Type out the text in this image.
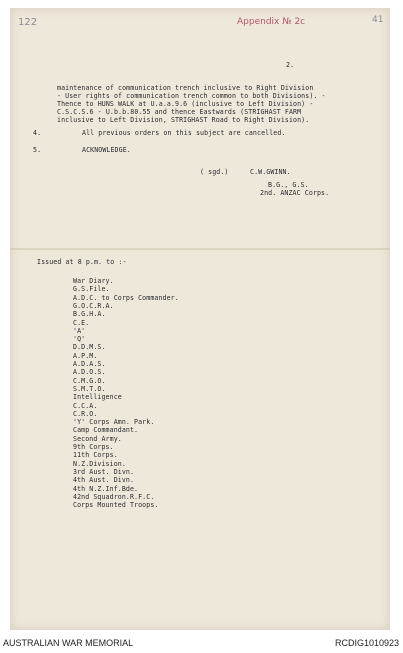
122	Appendix № 2c	41
2.
maintenance of communication trench inclusive to Right Division
- User rights of communication trench common to both Divisions). -
Thence to HUNS WALK at U.a.a.9.6 (inclusive to Left Division) -
C.S.C.S.6 - U.b.b.80.55 and thence Eastwards (STRIGHAST FARM
inclusive to Left Division, STRIGHAST Road to Right Division).
4.	All previous orders on this subject are cancelled.
5.	ACKNOWLEDGE.
( sgd.)	C.W.GWINN.
B.G., G.S.
2nd. ANZAC Corps.
Issued at 8 p.m. to :-
War Diary.
G.S.File.
A.D.C. to Corps Commander.
G.O.C.R.A.
B.G.H.A.
C.E.
'A'
'Q'
D.D.M.S.
A.P.M.
A.D.A.S.
A.D.O.S.
C.M.G.O.
S.M.T.O.
Intelligence
C.C.A.
C.R.O.
'Y' Corps Amn. Park.
Camp Commandant.
Second Army.
9th Corps.
11th Corps.
N.Z.Division.
3rd Aust. Divn.
4th Aust. Divn.
4th N.Z.Inf.Bde.
42nd Squadron.R.F.C.
Corps Mounted Troops.
AUSTRALIAN WAR MEMORIAL	RCDIG1010923
